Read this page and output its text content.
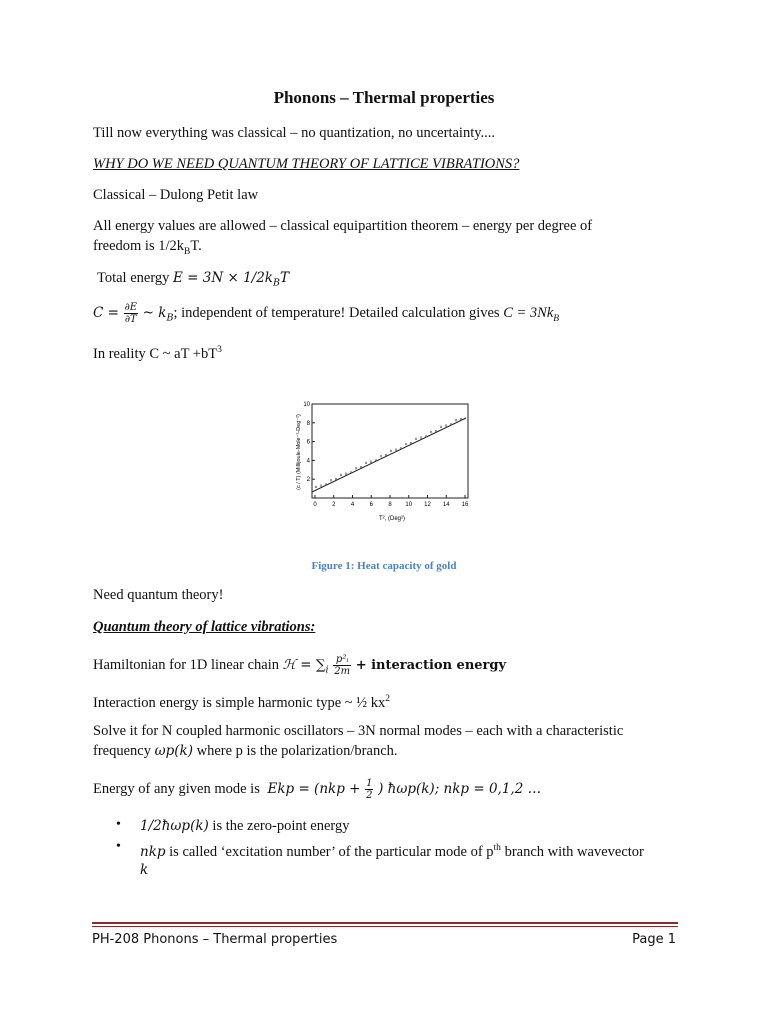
Phonons – Thermal properties
Till now everything was classical – no quantization, no uncertainty....
WHY DO WE NEED QUANTUM THEORY OF LATTICE VIBRATIONS?
Classical – Dulong Petit law
All energy values are allowed – classical equipartition theorem – energy per degree of
freedom is $1/2k_BT$.
Total energy $E = 3N \times 1/2k_BT$
$C = \frac{\partial E}{\partial T}$ ~ $k_B$; independent of temperature! Detailed calculation gives $C = 3Nk_B$
In reality C ~ aT $+bT^3$
0	2	4	6	8 10 12 14 16
2
4
6
8
10
T², (Deg²)
(c / T) (Millijoule-Mole⁻¹-Deg⁻²)
Figure 1: Heat capacity of gold
Need quantum theory!
Quantum theory of lattice vibrations:
Hamiltonian for 1D linear chain ℋ = $\sum_i \frac{\text{p²ᵢ}}{2m}$ + interaction energy
Interaction energy is simple harmonic type ~ ½ $kx^2$
Solve it for N coupled harmonic oscillators – 3N normal modes – each with a characteristic
frequency ωp(k) where p is the polarization/branch.
Energy of any given mode is Ekp = ($nkp + \frac{1}{2}$ ) ħωp(k); nkp = 0,1,2 …
• 1/2ħωp(k) is the zero-point energy
• nkp is called ‘excitation number’ of the particular mode of $p^{th}$ branch with wavevector
k
PH-208 Phonons – Thermal properties	Page 1
